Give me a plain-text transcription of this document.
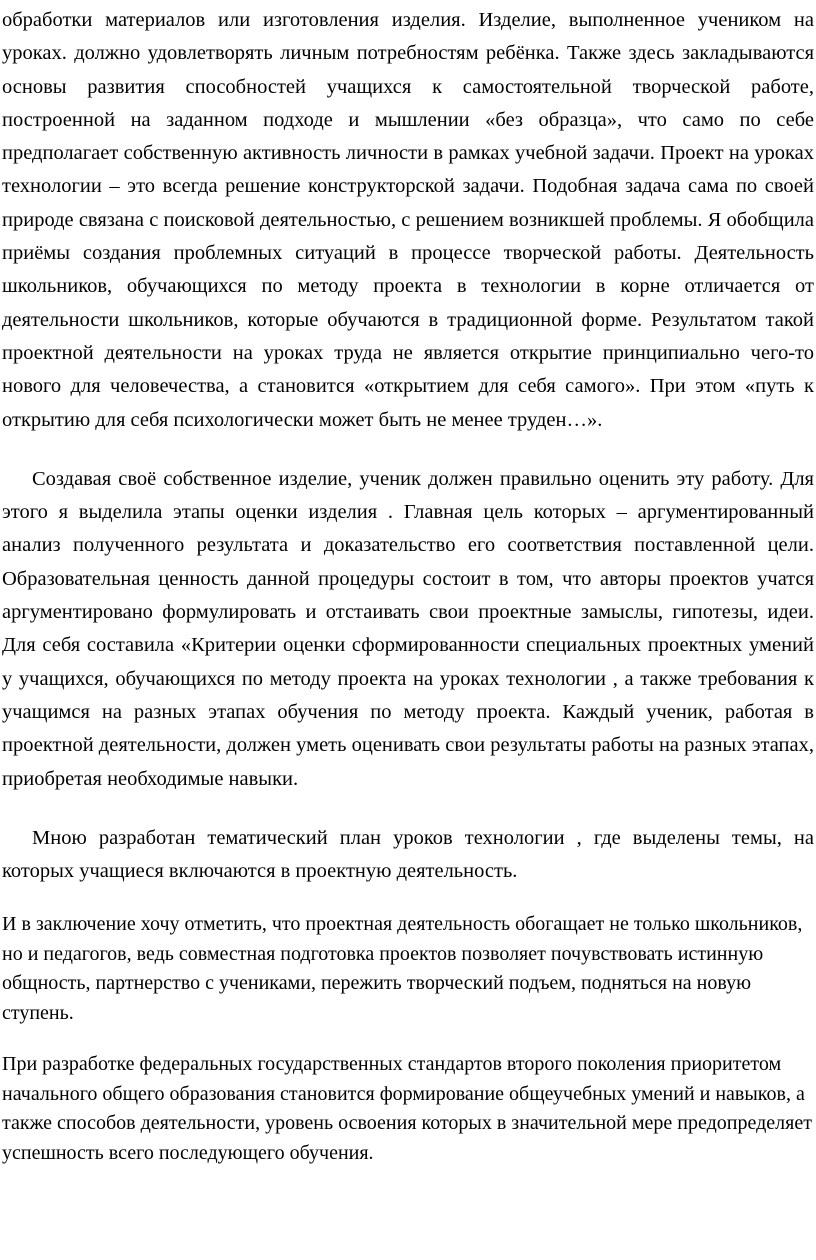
обработки материалов или изготовления изделия. Изделие, выполненное учеником на уроках. должно удовлетворять личным потребностям ребёнка. Также здесь закладываются основы развития способностей учащихся к самостоятельной творческой работе, построенной на заданном подходе и мышлении «без образца», что само по себе предполагает собственную активность личности в рамках учебной задачи. Проект на уроках технологии – это всегда решение конструкторской задачи. Подобная задача сама по своей природе связана с поисковой деятельностью, с решением возникшей проблемы. Я обобщила приёмы создания проблемных ситуаций в процессе творческой работы. Деятельность школьников, обучающихся по методу проекта в технологии в корне отличается от деятельности школьников, которые обучаются в традиционной форме. Результатом такой проектной деятельности на уроках труда не является открытие принципиально чего-то нового для человечества, а становится «открытием для себя самого». При этом «путь к открытию для себя психологически может быть не менее труден…».

Создавая своё собственное изделие, ученик должен правильно оценить эту работу. Для этого я выделила этапы оценки изделия . Главная цель которых – аргументированный анализ полученного результата и доказательство его соответствия поставленной цели. Образовательная ценность данной процедуры состоит в том, что авторы проектов учатся аргументировано формулировать и отстаивать свои проектные замыслы, гипотезы, идеи. Для себя составила «Критерии оценки сформированности специальных проектных умений у учащихся, обучающихся по методу проекта на уроках технологии , а также требования к учащимся на разных этапах обучения по методу проекта. Каждый ученик, работая в проектной деятельности, должен уметь оценивать свои результаты работы на разных этапах, приобретая необходимые навыки.

Мною разработан тематический план уроков технологии , где выделены темы, на которых учащиеся включаются в проектную деятельность.

И в заключение хочу отметить, что проектная деятельность обогащает не только школьников, но и педагогов, ведь совместная подготовка проектов позволяет почувствовать истинную общность, партнерство с учениками, пережить творческий подъем, подняться на новую ступень.

При разработке федеральных государственных стандартов второго поколения приоритетом начального общего образования становится формирование общеучебных умений и навыков, а также способов деятельности, уровень освоения которых в значительной мере предопределяет успешность всего последующего обучения.
